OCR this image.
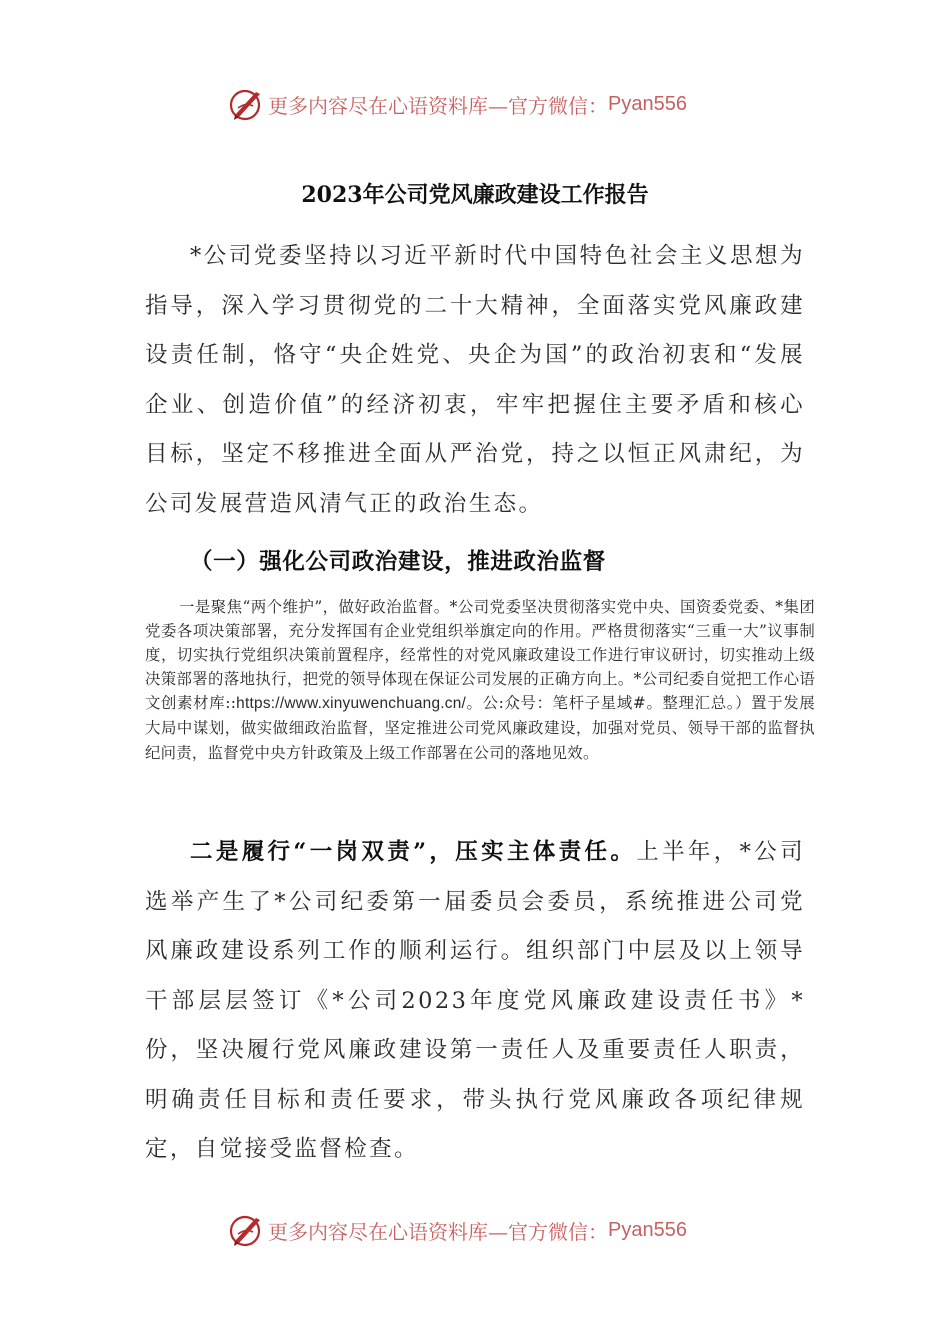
更多内容尽在心语资料库—官方微信： Pyan556
2023年公司党风廉政建设工作报告

*公司党委坚持以习近平新时代中国特色社会主义思想为指导，深入学习贯彻党的二十大精神，全面落实党风廉政建设责任制，恪守“央企姓党、央企为国”的政治初衷和“发展企业、创造价值”的经济初衷，牢牢把握住主要矛盾和核心目标，坚定不移推进全面从严治党，持之以恒正风肃纪，为公司发展营造风清气正的政治生态。

（一）强化公司政治建设，推进政治监督

一是聚焦“两个维护”，做好政治监督。*公司党委坚决贯彻落实党中央、国资委党委、*集团党委各项决策部署，充分发挥国有企业党组织举旗定向的作用。严格贯彻落实“三重一大”议事制度，切实执行党组织决策前置程序，经常性的对党风廉政建设工作进行审议研讨，切实推动上级决策部署的落地执行，把党的领导体现在保证公司发展的正确方向上。*公司纪委自觉把工作心语文创素材库::https://www.xinyuwenchuang.cn/。公:众号：笔杆子星域#。整理汇总。）置于发展大局中谋划，做实做细政治监督，坚定推进公司党风廉政建设，加强对党员、领导干部的监督执纪问责，监督党中央方针政策及上级工作部署在公司的落地见效。

二是履行“一岗双责”，压实主体责任。上半年，*公司选举产生了*公司纪委第一届委员会委员，系统推进公司党风廉政建设系列工作的顺利运行。组织部门中层及以上领导干部层层签订《*公司2023年度党风廉政建设责任书》*份，坚决履行党风廉政建设第一责任人及重要责任人职责，明确责任目标和责任要求，带头执行党风廉政各项纪律规定，自觉接受监督检查。

更多内容尽在心语资料库—官方微信： Pyan556
